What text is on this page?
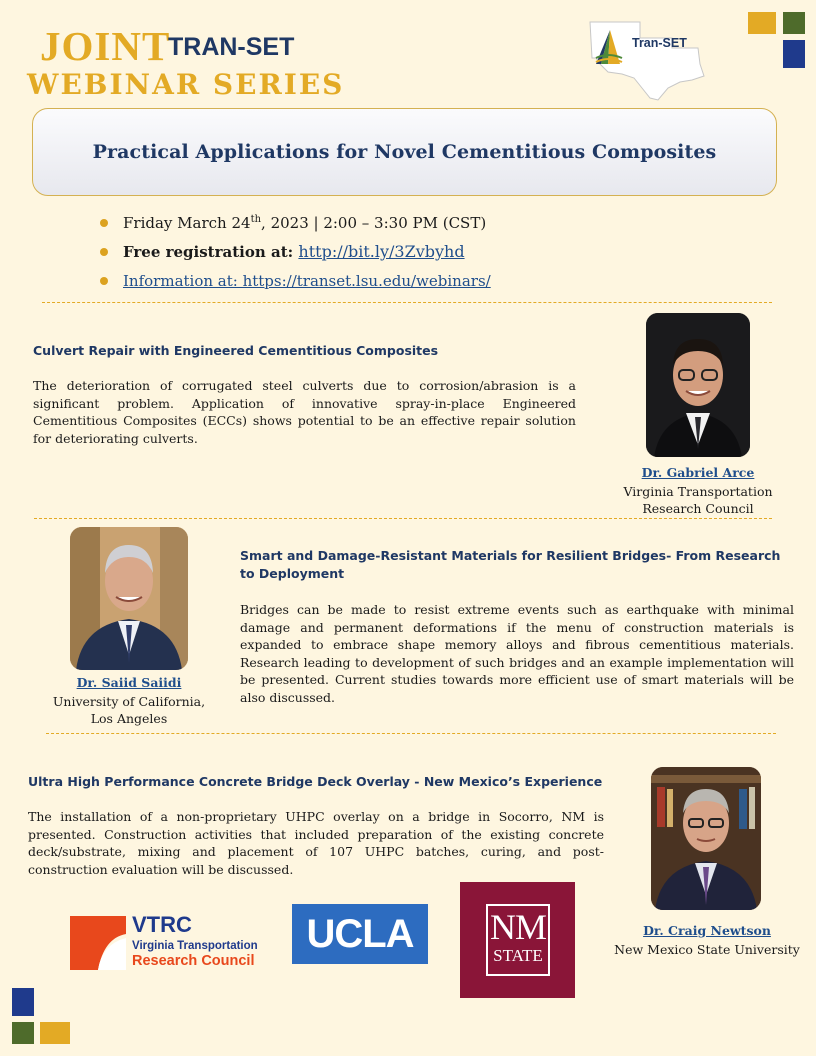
JOINT
TRAN-SET
WEBINAR SERIES
Tran-SET
Practical Applications for Novel Cementitious Composites
Friday March 24th, 2023 | 2:00 – 3:30 PM (CST)
Free registration at: http://bit.ly/3Zvbyhd
Information at: https://transet.lsu.edu/webinars/
Culvert Repair with Engineered Cementitious Composites
The deterioration of corrugated steel culverts due to corrosion/abrasion is a significant problem. Application of innovative spray-in-place Engineered Cementitious Composites (ECCs) shows potential to be an effective repair solution for deteriorating culverts.
Dr. Gabriel Arce
Virginia Transportation
Research Council
Dr. Saiid Saiidi
University of California,
Los Angeles
Smart and Damage-Resistant Materials for Resilient Bridges- From Research to Deployment
Bridges can be made to resist extreme events such as earthquake with minimal damage and permanent deformations if the menu of construction materials is expanded to embrace shape memory alloys and fibrous cementitious materials. Research leading to development of such bridges and an example implementation will be presented. Current studies towards more efficient use of smart materials will be also discussed.
Ultra High Performance Concrete Bridge Deck Overlay - New Mexico’s Experience
The installation of a non-proprietary UHPC overlay on a bridge in Socorro, NM is presented. Construction activities that included preparation of the existing concrete deck/substrate, mixing and placement of 107 UHPC batches, curing, and post-construction evaluation will be discussed.
Dr. Craig Newtson
New Mexico State University
VTRC
Virginia Transportation
Research Council
UCLA NM
STATE
